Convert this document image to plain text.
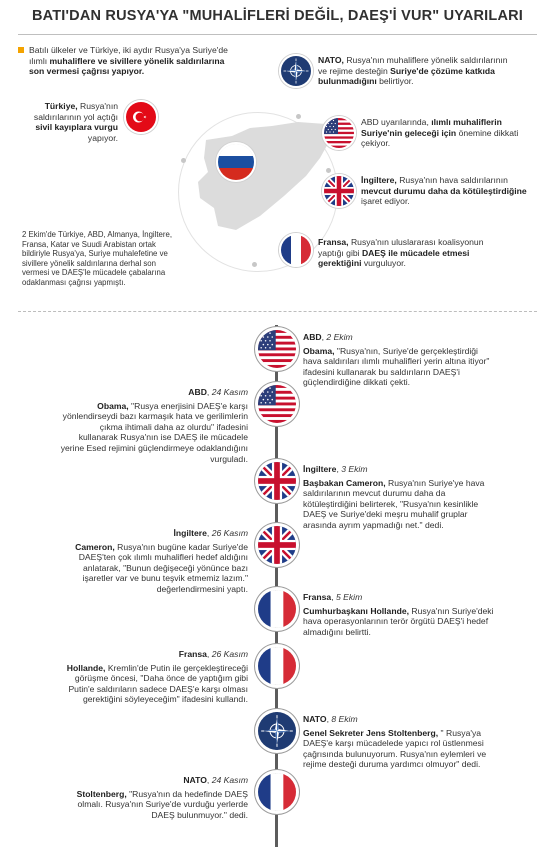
BATI'DAN RUSYA'YA "MUHALİFLERİ DEĞİL, DAEŞ'İ VUR" UYARILARI
Batılı ülkeler ve Türkiye, iki aydır Rusya'ya Suriye'de
ılımlı muhaliflere ve sivillere yönelik saldırılarına
son vermesi çağrısı yapıyor.
Türkiye, Rusya'nın
saldırılarının yol açtığı
sivil kayıplara vurgu
yapıyor.
2 Ekim'de Türkiye, ABD, Almanya, İngiltere,
Fransa, Katar ve Suudi Arabistan ortak
bildiriyle Rusya'ya, Suriye muhalefetine ve
sivillere yönelik saldırılarına derhal son
vermesi ve DAEŞ'le mücadele çabalarına
odaklanması çağrısı yapmıştı.
NATO, Rusya'nın muhaliflere yönelik saldırılarının
ve rejime desteğin Suriye'de çözüme katkıda
bulunmadığını belirtiyor.
ABD uyarılarında, ılımlı muhaliflerin
Suriye'nin geleceği için önemine dikkati
çekiyor.
İngiltere, Rusya'nın hava saldırılarının
mevcut durumu daha da kötüleştirdiğine
işaret ediyor.
Fransa, Rusya'nın uluslararası koalisyonun
yaptığı gibi DAEŞ ile mücadele etmesi
gerektiğini vurguluyor.
ABD, 2 Ekim
Obama, "Rusya'nın, Suriye'de gerçekleştirdiği
hava saldırıları ılımlı muhalifleri yerin altına itiyor"
ifadesini kullanarak bu saldırıların DAEŞ'i
güçlendirdiğine dikkati çekti.
ABD, 24 Kasım
Obama, "Rusya enerjisini DAEŞ'e karşı
yönlendirseydi bazı karmaşık hata ve gerilimlerin
çıkma ihtimali daha az olurdu" ifadesini
kullanarak Rusya'nın ise DAEŞ ile mücadele
yerine Esed rejimini güçlendirmeye odaklandığını
vurguladı.
İngiltere, 3 Ekim
Başbakan Cameron, Rusya'nın Suriye'ye hava
saldırılarının mevcut durumu daha da
kötüleştirdiğini belirterek, "Rusya'nın kesinlikle
DAEŞ ve Suriye'deki meşru muhalif gruplar
arasında ayrım yapmadığı net." dedi.
İngiltere, 26 Kasım
Cameron, Rusya'nın bugüne kadar Suriye'de
DAEŞ'ten çok ılımlı muhalifleri hedef aldığını
anlatarak, "Bunun değişeceği yönünce bazı
işaretler var ve bunu teşvik etmemiz lazım."
değerlendirmesini yaptı.
Fransa, 5 Ekim
Cumhurbaşkanı Hollande, Rusya'nın Suriye'deki
hava operasyonlarının terör örgütü DAEŞ'i hedef
almadığını belirtti.
Fransa, 26 Kasım
Hollande, Kremlin'de Putin ile gerçekleştireceği
görüşme öncesi, "Daha önce de yaptığım gibi
Putin'e saldırıların sadece DAEŞ'e karşı olması
gerektiğini söyleyeceğim" ifadesini kullandı.
NATO, 8 Ekim
Genel Sekreter Jens Stoltenberg, " Rusya'ya
DAEŞ'e karşı mücadelede yapıcı rol üstlenmesi
çağrısında bulunuyorum. Rusya'nın eylemleri ve
rejime desteği duruma yardımcı olmuyor" dedi.
NATO, 24 Kasım
Stoltenberg, "Rusya'nın da hedefinde DAEŞ
olmalı. Rusya'nın Suriye'de vurduğu yerlerde
DAEŞ bulunmuyor." dedi.
